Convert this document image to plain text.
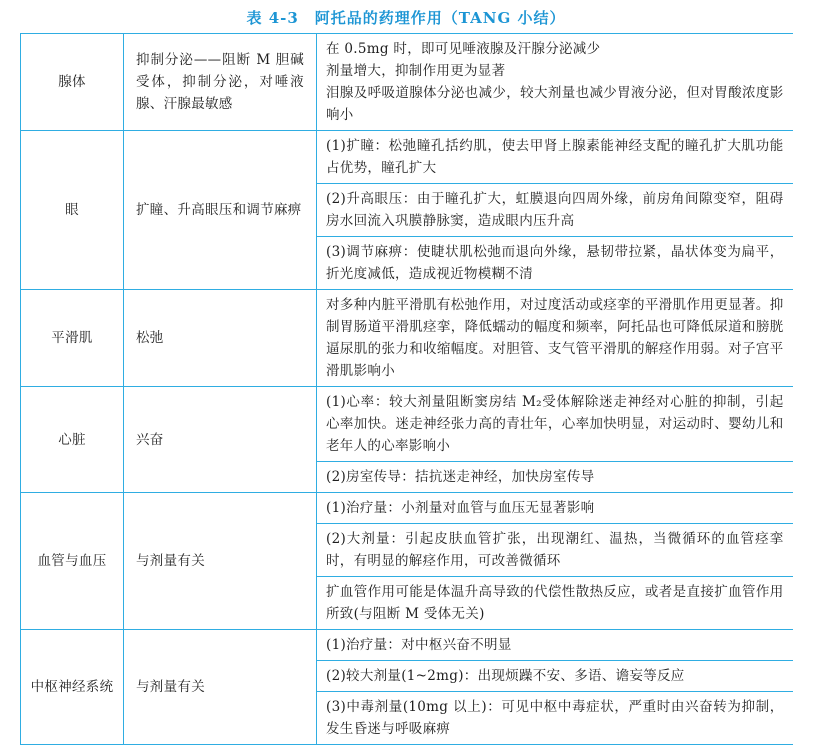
表 4-3　阿托品的药理作用（TANG 小结）
腺体	抑制分泌——阻断 M 胆碱受体，抑制分泌，对唾液腺、汗腺最敏感	在 0.5mg 时，即可见唾液腺及汗腺分泌减少
剂量增大，抑制作用更为显著
泪腺及呼吸道腺体分泌也减少，较大剂量也减少胃液分泌，但对胃酸浓度影响小

眼	扩瞳、升高眼压和调节麻痹	(1)扩瞳：松弛瞳孔括约肌，使去甲肾上腺素能神经支配的瞳孔扩大肌功能占优势，瞳孔扩大

		(2)升高眼压：由于瞳孔扩大，虹膜退向四周外缘，前房角间隙变窄，阻碍房水回流入巩膜静脉窦，造成眼内压升高

		(3)调节麻痹：使睫状肌松弛而退向外缘，悬韧带拉紧，晶状体变为扁平，折光度减低，造成视近物模糊不清

平滑肌	松弛	对多种内脏平滑肌有松弛作用，对过度活动或痉挛的平滑肌作用更显著。抑制胃肠道平滑肌痉挛，降低蠕动的幅度和频率，阿托品也可降低尿道和膀胱逼尿肌的张力和收缩幅度。对胆管、支气管平滑肌的解痉作用弱。对子宫平滑肌影响小

心脏	兴奋	(1)心率：较大剂量阻断窦房结 M₂受体解除迷走神经对心脏的抑制，引起心率加快。迷走神经张力高的青壮年，心率加快明显，对运动时、婴幼儿和老年人的心率影响小

		(2)房室传导：拮抗迷走神经，加快房室传导

血管与血压	与剂量有关	(1)治疗量：小剂量对血管与血压无显著影响

		(2)大剂量：引起皮肤血管扩张，出现潮红、温热，当微循环的血管痉挛时，有明显的解痉作用，可改善微循环

		扩血管作用可能是体温升高导致的代偿性散热反应，或者是直接扩血管作用所致(与阻断 M 受体无关)

中枢神经系统	与剂量有关	(1)治疗量：对中枢兴奋不明显

		(2)较大剂量(1~2mg)：出现烦躁不安、多语、谵妄等反应

		(3)中毒剂量(10mg 以上)：可见中枢中毒症状，严重时由兴奋转为抑制，发生昏迷与呼吸麻痹
